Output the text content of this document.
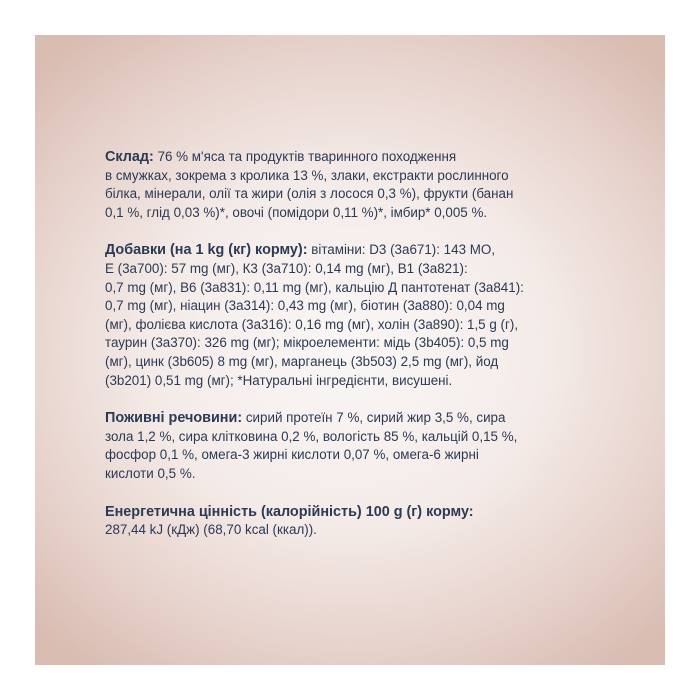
Склад: 76 % м'яса та продуктів тваринного походження
в смужках, зокрема з кролика 13 %, злаки, екстракти рослинного
білка, мінерали, олії та жири (олія з лосося 0,3 %), фрукти (банан
0,1 %, глід 0,03 %)*, овочі (помідори 0,11 %)*, імбир* 0,005 %.
Добавки (на 1 kg (кг) корму): вітаміни: D3 (3a671): 143 МО,
E (3a700): 57 mg (мг), К3 (3a710): 0,14 mg (мг), В1 (3a821):
0,7 mg (мг), В6 (3a831): 0,11 mg (мг), кальцію Д пантотенат (3a841):
0,7 mg (мг), ніацин (3a314): 0,43 mg (мг), біотин (3a880): 0,04 mg
(мг), фолієва кислота (3a316): 0,16 mg (мг), холін (3a890): 1,5 g (г),
таурин (3a370): 326 mg (мг); мікроелементи: мідь (3b405): 0,5 mg
(мг), цинк (3b605) 8 mg (мг), марганець (3b503) 2,5 mg (мг), йод
(3b201) 0,51 mg (мг); *Натуральні інгредієнти, висушені.
Поживні речовини: сирий протеїн 7 %, сирий жир 3,5 %, сира
зола 1,2 %, сира клітковина 0,2 %, вологість 85 %, кальцій 0,15 %,
фосфор 0,1 %, омега-3 жирні кислоти 0,07 %, омега-6 жирні
кислоти 0,5 %.
Енергетична цінність (калорійність) 100 g (г) корму:
287,44 kJ (кДж) (68,70 kcal (ккал)).
